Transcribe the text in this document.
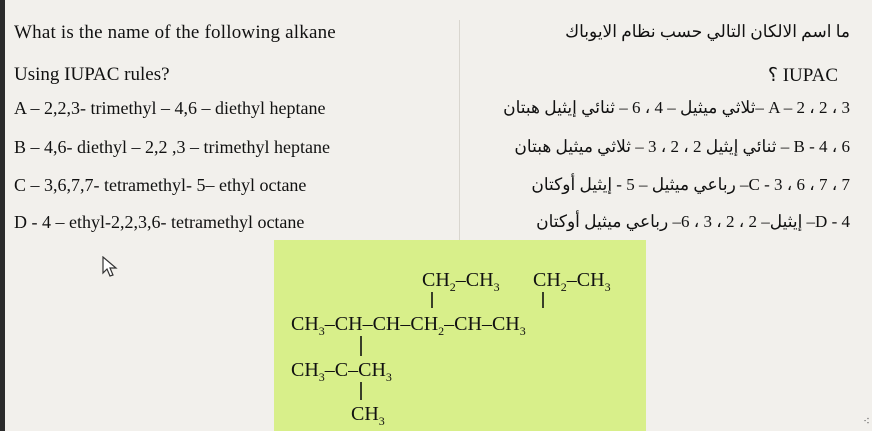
What is the name of the following alkane	ما اسم الالكان التالي حسب نظام الايوباك
Using IUPAC rules?	؟ IUPAC
A – 2,2,3- trimethyl – 4,6 – diethyl heptane	A – 2 ، 2 ، 3 –ثلاثي ميثيل – 4 ، 6 – ثنائي إيثيل هبتان
B – 4,6- diethyl – 2,2 ,3 – trimethyl heptane	B - 4 ، 6 – ثنائي إيثيل 2 ، 2 ، 3 – ثلاثي ميثيل هبتان
C – 3,6,7,7- tetramethyl- 5– ethyl octane	C - 3 ، 6 ، 7 ، 7– رباعي ميثيل – 5 - إيثيل أوكتان
D - 4 – ethyl-2,2,3,6- tetramethyl octane	D - 4– إيثيل– 2 ، 2 ، 3 ، 6– رباعي ميثيل أوكتان
$CH_2-CH_3$ $CH_2-CH_3$
$CH_3-CH-CH-CH_2-CH-CH_3$
$CH_3-C-CH_3$
$CH_3$	⁖
